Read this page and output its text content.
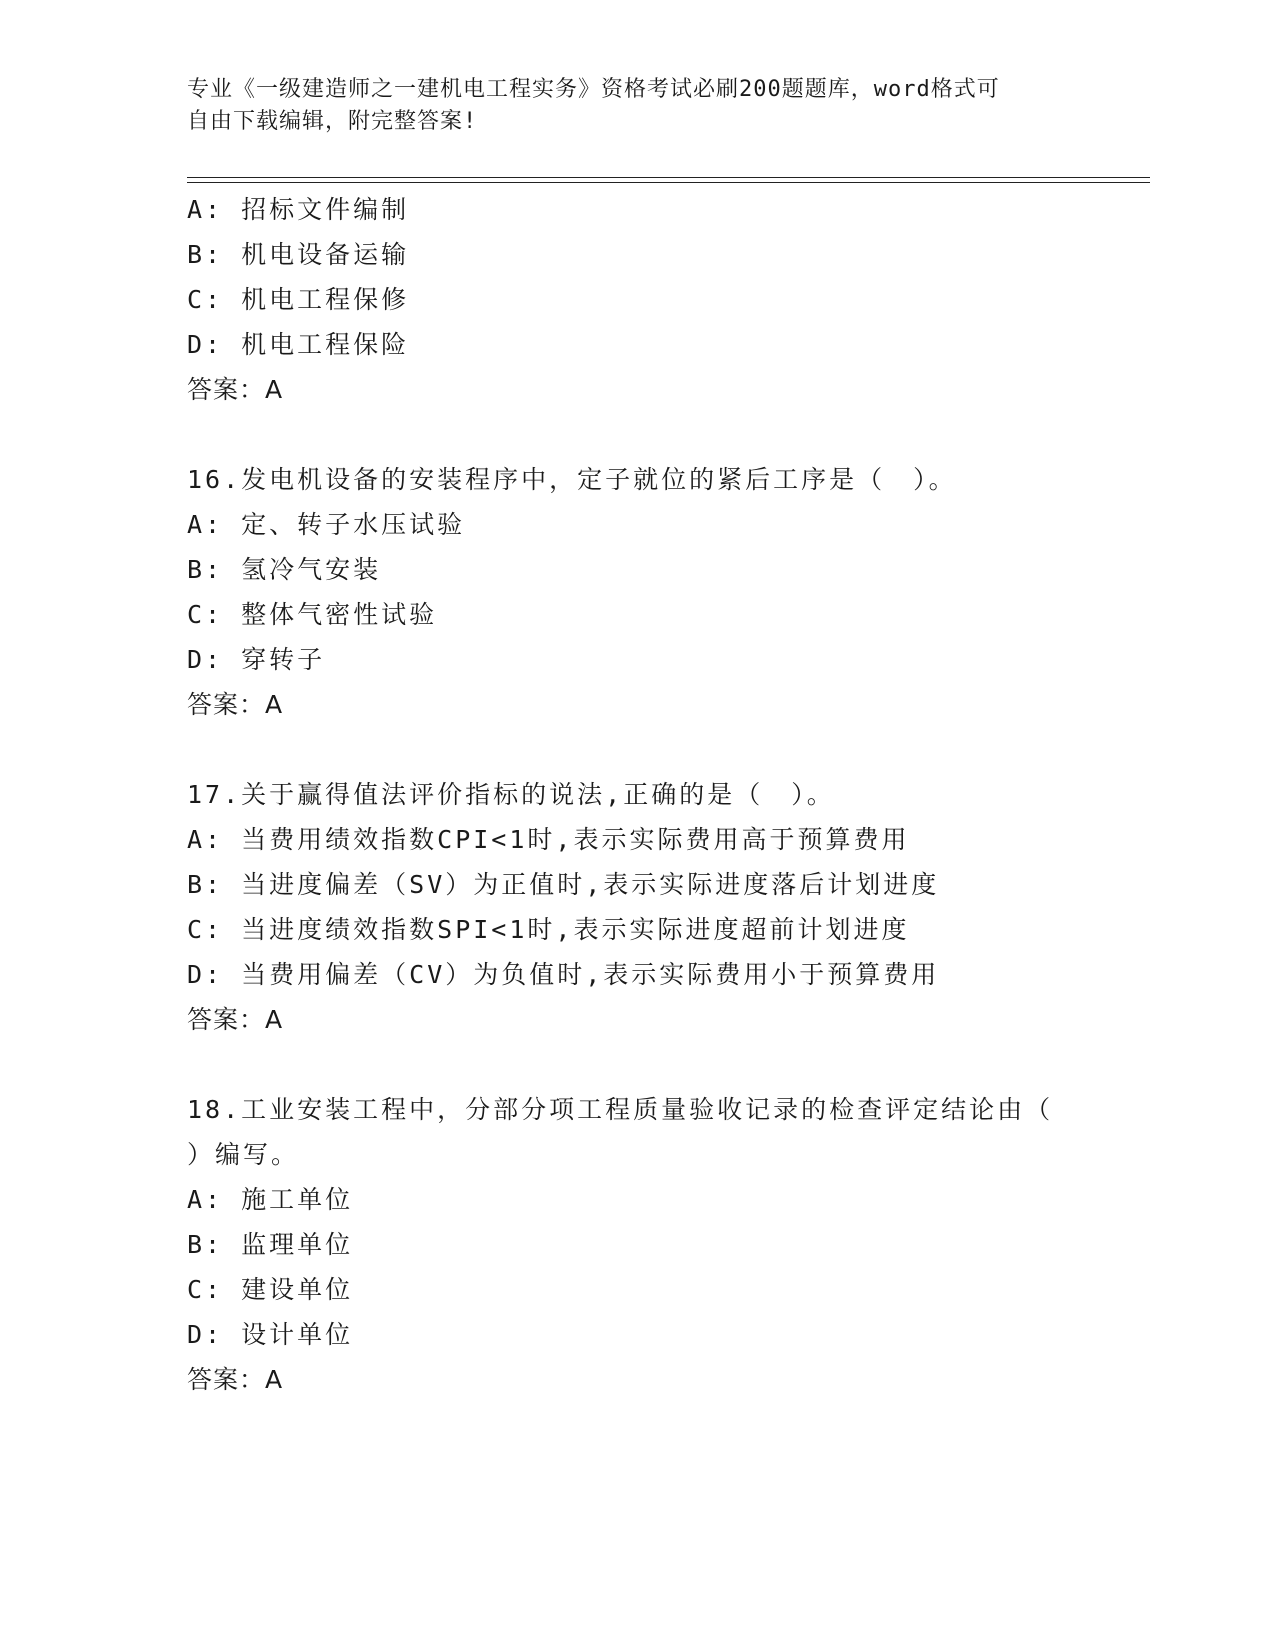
专业《一级建造师之一建机电工程实务》资格考试必刷200题题库，word格式可
自由下载编辑，附完整答案!
A: 招标文件编制
B: 机电设备运输
C: 机电工程保修
D: 机电工程保险
答案：A
16.发电机设备的安装程序中，定子就位的紧后工序是（　）。
A: 定、转子水压试验
B: 氢冷气安装
C: 整体气密性试验
D: 穿转子
答案：A
17.关于赢得值法评价指标的说法,正确的是（　）。
A: 当费用绩效指数CPI<1时,表示实际费用高于预算费用
B: 当进度偏差（SV）为正值时,表示实际进度落后计划进度
C: 当进度绩效指数SPI<1时,表示实际进度超前计划进度
D: 当费用偏差（CV）为负值时,表示实际费用小于预算费用
答案：A
18.工业安装工程中，分部分项工程质量验收记录的检查评定结论由（
）编写。
A: 施工单位
B: 监理单位
C: 建设单位
D: 设计单位
答案：A
